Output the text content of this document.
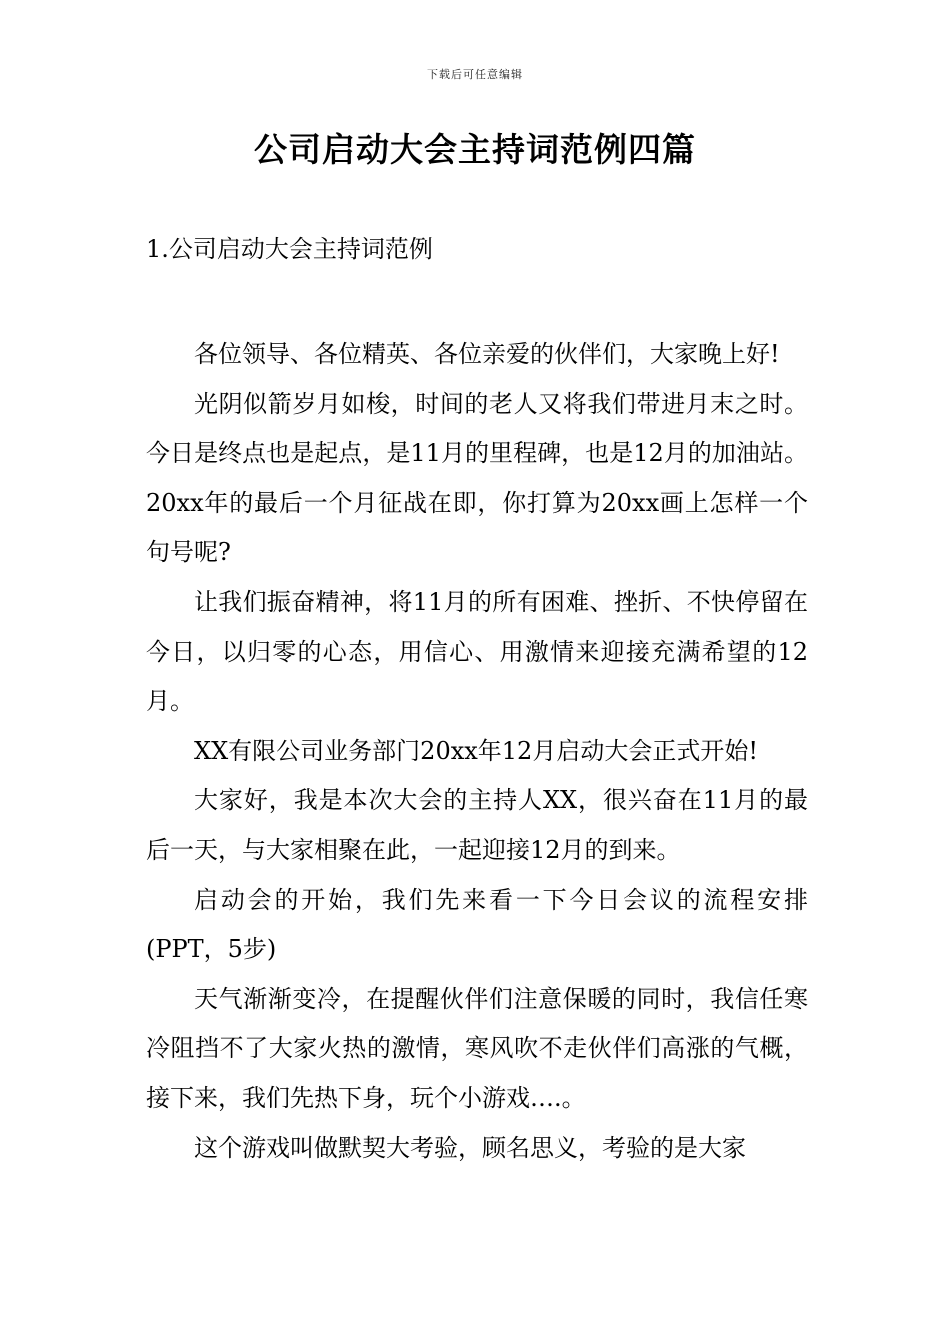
下载后可任意编辑
公司启动大会主持词范例四篇
1.公司启动大会主持词范例

各位领导、各位精英、各位亲爱的伙伴们，大家晚上好!

光阴似箭岁月如梭，时间的老人又将我们带进月末之时。今日是终点也是起点，是11月的里程碑，也是12月的加油站。20xx年的最后一个月征战在即，你打算为20xx画上怎样一个句号呢?

让我们振奋精神，将11月的所有困难、挫折、不快停留在今日，以归零的心态，用信心、用激情来迎接充满希望的12月。

XX有限公司业务部门20xx年12月启动大会正式开始!

大家好，我是本次大会的主持人XX，很兴奋在11月的最后一天，与大家相聚在此，一起迎接12月的到来。

启动会的开始，我们先来看一下今日会议的流程安排(PPT，5步)

天气渐渐变冷，在提醒伙伴们注意保暖的同时，我信任寒冷阻挡不了大家火热的激情，寒风吹不走伙伴们高涨的气概，接下来，我们先热下身，玩个小游戏….。

这个游戏叫做默契大考验，顾名思义，考验的是大家
